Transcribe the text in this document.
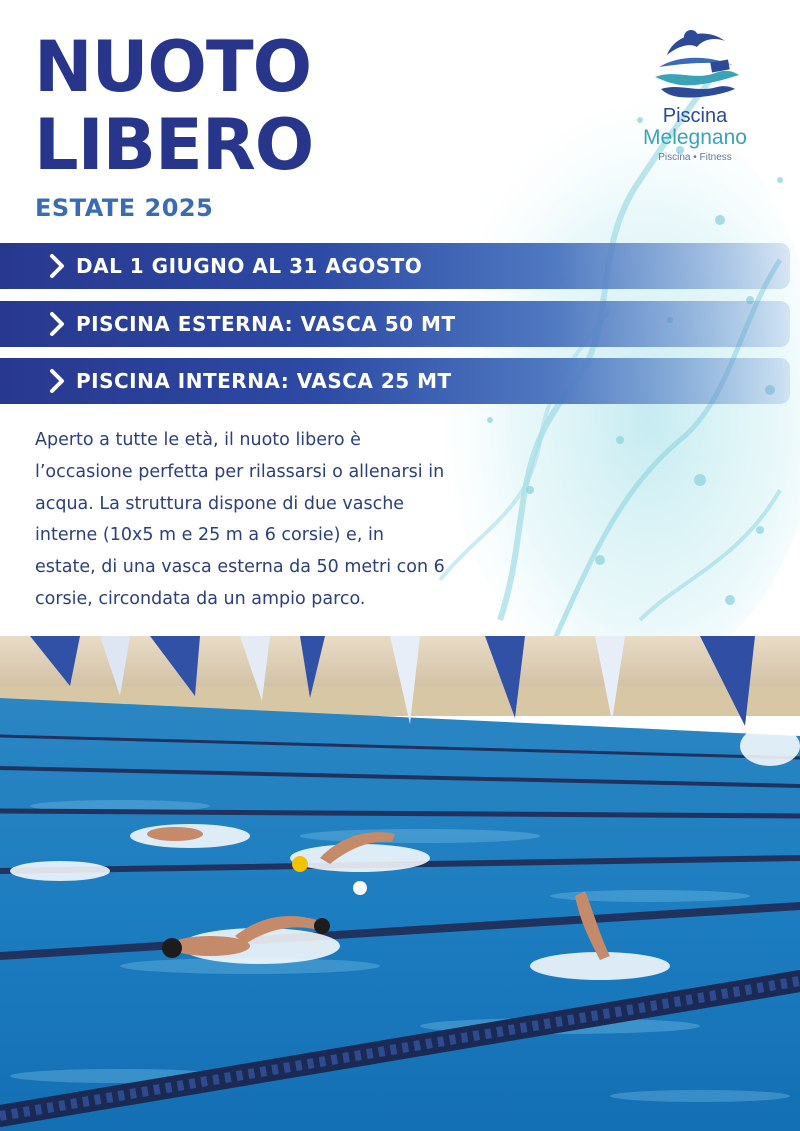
NUOTO
LIBERO
ESTATE 2025
Piscina
Melegnano
Piscina • Fitness
DAL 1 GIUGNO AL 31 AGOSTO
PISCINA ESTERNA: VASCA 50 MT
PISCINA INTERNA: VASCA 25 MT

Aperto a tutte le età, il nuoto libero è l’occasione perfetta per rilassarsi o allenarsi in acqua. La struttura dispone di due vasche interne (10x5 m e 25 m a 6 corsie) e, in estate, di una vasca esterna da 50 metri con 6 corsie, circondata da un ampio parco.
